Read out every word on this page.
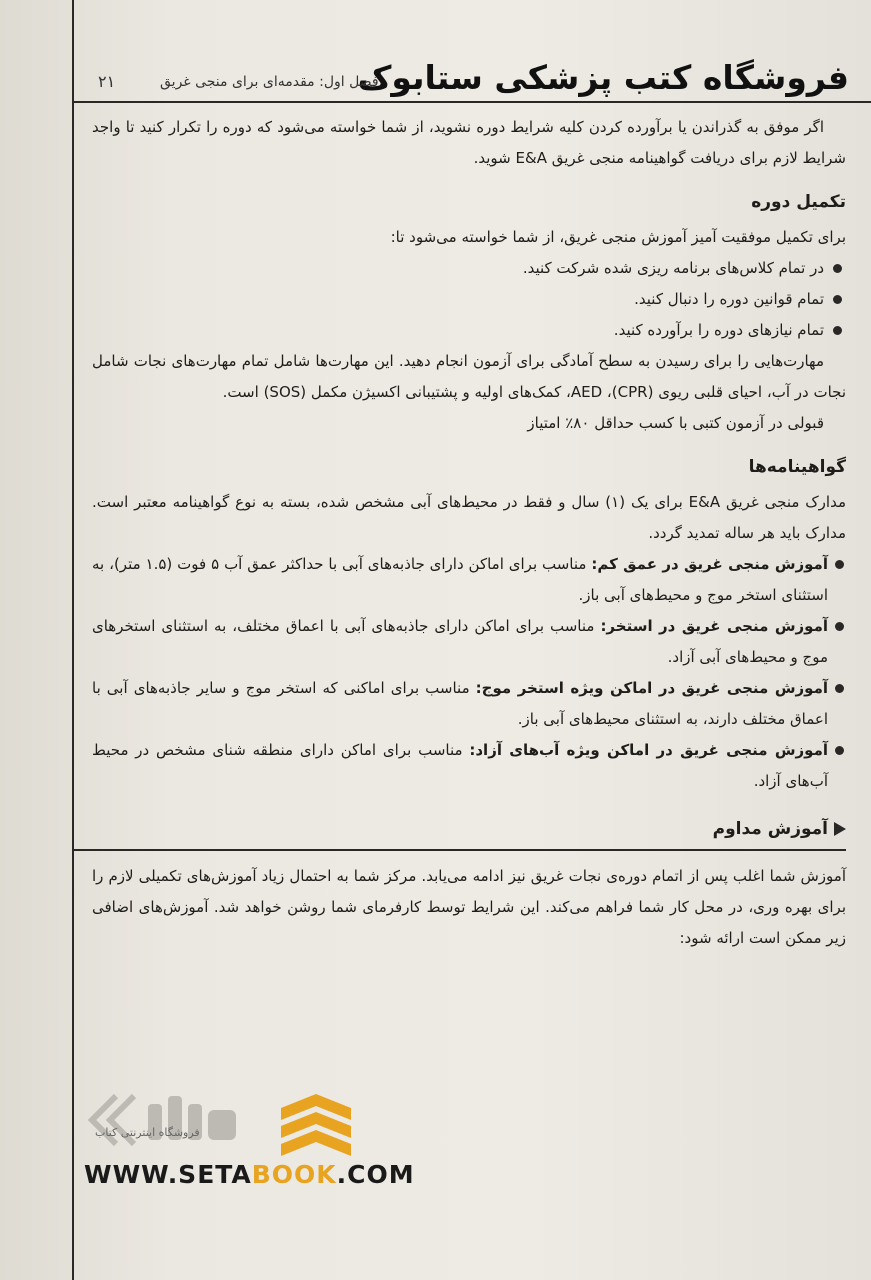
فروشگاه کتب پزشکی ستابوک
فصل اول: مقدمه‌ای برای منجی غریق
۲۱

اگر موفق به گذراندن یا برآورده کردن کلیه شرایط دوره نشوید، از شما خواسته می‌شود که دوره را تکرار کنید تا واجد شرایط لازم برای دریافت گواهینامه منجی غریق E&A شوید.

تکمیل دوره

برای تکمیل موفقیت آمیز آموزش منجی غریق، از شما خواسته می‌شود تا:

در تمام کلاس‌های برنامه ریزی شده شرکت کنید.
تمام قوانین دوره را دنبال کنید.
تمام نیازهای دوره را برآورده کنید.

مهارت‌هایی را برای رسیدن به سطح آمادگی برای آزمون انجام دهید. این مهارت‌ها شامل تمام مهارت‌های نجات شامل نجات در آب، احیای قلبی ریوی (CPR)، AED، کمک‌های اولیه و پشتیبانی اکسیژن مکمل (SOS) است.

قبولی در آزمون کتبی با کسب حداقل ۸۰٪ امتیاز

گواهینامه‌ها

مدارک منجی غریق E&A برای یک (۱) سال و فقط در محیط‌های آبی مشخص شده، بسته به نوع گواهینامه معتبر است. مدارک باید هر ساله تمدید گردد.

آموزش منجی غریق در عمق کم: مناسب برای اماکن دارای جاذبه‌های آبی با حداکثر عمق آب ۵ فوت (۱.۵ متر)، به استثنای استخر موج و محیط‌های آبی باز.

آموزش منجی غریق در استخر: مناسب برای اماکن دارای جاذبه‌های آبی با اعماق مختلف، به استثنای استخرهای موج و محیط‌های آبی آزاد.

آموزش منجی غریق در اماکن ویژه استخر موج: مناسب برای اماکنی که استخر موج و سایر جاذبه‌های آبی با اعماق مختلف دارند، به استثنای محیط‌های آبی باز.

آموزش منجی غریق در اماکن ویژه آب‌های آزاد: مناسب برای اماکن دارای منطقه شنای مشخص در محیط آب‌های آزاد.

آموزش مداوم

آموزش شما اغلب پس از اتمام دوره‌ی نجات غریق نیز ادامه می‌یابد. مرکز شما به احتمال زیاد آموزش‌های تکمیلی لازم را برای بهره وری، در محل کار شما فراهم می‌کند. این شرایط توسط کارفرمای شما روشن خواهد شد. آموزش‌های اضافی زیر ممکن است ارائه شود:

فروشگاه اینترنتی کتاب
WWW.SETABOOK.COM
